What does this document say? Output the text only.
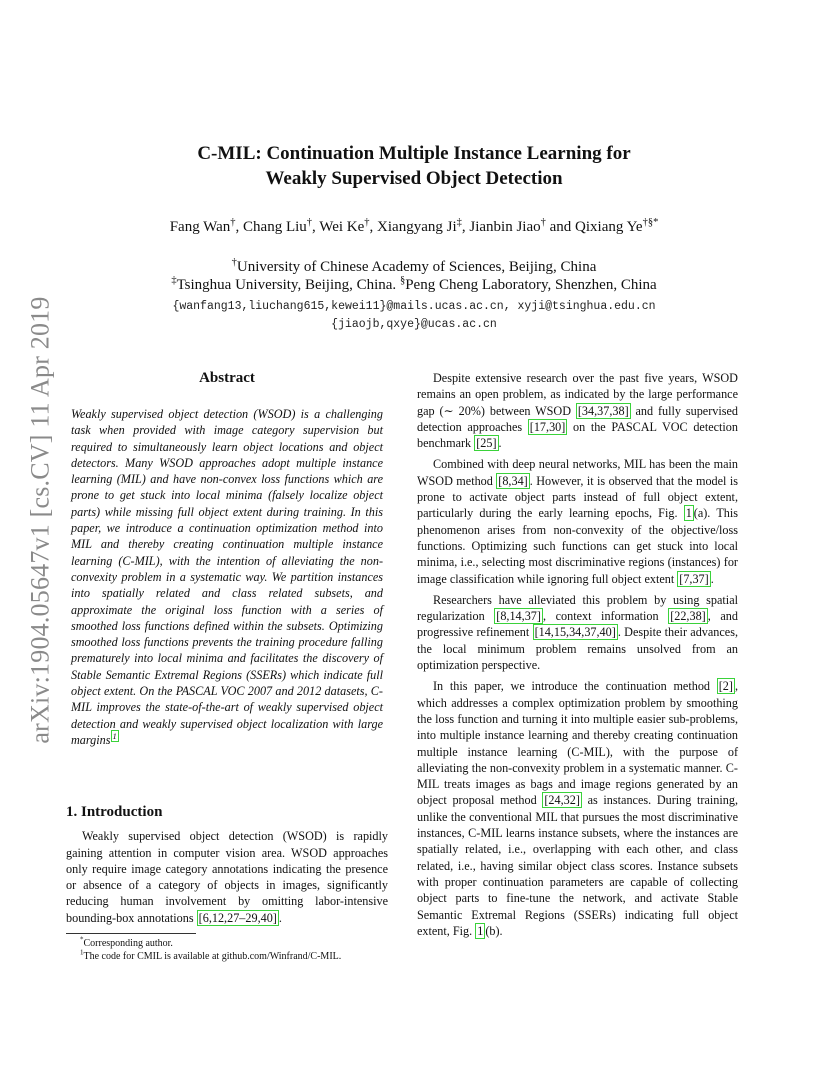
arXiv:1904.05647v1 [cs.CV] 11 Apr 2019
C-MIL: Continuation Multiple Instance Learning for
Weakly Supervised Object Detection
Fang Wan†, Chang Liu†, Wei Ke†, Xiangyang Ji‡, Jianbin Jiao† and Qixiang Ye†§*
†University of Chinese Academy of Sciences, Beijing, China
‡Tsinghua University, Beijing, China. §Peng Cheng Laboratory, Shenzhen, China
{wanfang13,liuchang615,kewei11}@mails.ucas.ac.cn, xyji@tsinghua.edu.cn
{jiaojb,qxye}@ucas.ac.cn
Abstract

Weakly supervised object detection (WSOD) is a challenging task when provided with image category supervision but required to simultaneously learn object locations and object detectors. Many WSOD approaches adopt multiple instance learning (MIL) and have non-convex loss functions which are prone to get stuck into local minima (falsely localize object parts) while missing full object extent during training. In this paper, we introduce a continuation optimization method into MIL and thereby creating continuation multiple instance learning (C-MIL), with the intention of alleviating the non-convexity problem in a systematic way. We partition instances into spatially related and class related subsets, and approximate the original loss function with a series of smoothed loss functions defined within the subsets. Optimizing smoothed loss functions prevents the training procedure falling prematurely into local minima and facilitates the discovery of Stable Semantic Extremal Regions (SSERs) which indicate full object extent. On the PASCAL VOC 2007 and 2012 datasets, C-MIL improves the state-of-the-art of weakly supervised object detection and weakly supervised object localization with large margins $^1$

1. Introduction

Weakly supervised object detection (WSOD) is rapidly gaining attention in computer vision area. WSOD approaches only require image category annotations indicating the presence or absence of a category of objects in images, significantly reducing human involvement by omitting labor-intensive bounding-box annotations [6,12,27–29,40] .

*Corresponding author.
$^1$The code for CMIL is available at github.com/Winfrand/C-MIL.

Despite extensive research over the past five years, WSOD remains an open problem, as indicated by the large performance gap (∼ 20%) between WSOD [34,37,38] and fully supervised detection approaches [17,30] on the PASCAL VOC detection benchmark [25] .

Combined with deep neural networks, MIL has been the main WSOD method [8,34] . However, it is observed that the model is prone to activate object parts instead of full object extent, particularly during the early learning epochs, Fig. 1 (a). This phenomenon arises from non-convexity of the objective/loss functions. Optimizing such functions can get stuck into local minima, i.e., selecting most discriminative regions (instances) for image classification while ignoring full object extent [7,37] .

Researchers have alleviated this problem by using spatial regularization [8,14,37] , context information [22,38] , and progressive refinement [14,15,34,37,40] . Despite their advances, the local minimum problem remains unsolved from an optimization perspective.

In this paper, we introduce the continuation method [2] , which addresses a complex optimization problem by smoothing the loss function and turning it into multiple easier sub-problems, into multiple instance learning and thereby creating continuation multiple instance learning (C-MIL), with the purpose of alleviating the non-convexity problem in a systematic manner. C-MIL treats images as bags and image regions generated by an object proposal method [24,32] as instances. During training, unlike the conventional MIL that pursues the most discriminative instances, C-MIL learns instance subsets, where the instances are spatially related, i.e., overlapping with each other, and class related, i.e., having similar object class scores. Instance subsets with proper continuation parameters are capable of collecting object parts to fine-tune the network, and activate Stable Semantic Extremal Regions (SSERs) indicating full object extent, Fig. 1 (b).
